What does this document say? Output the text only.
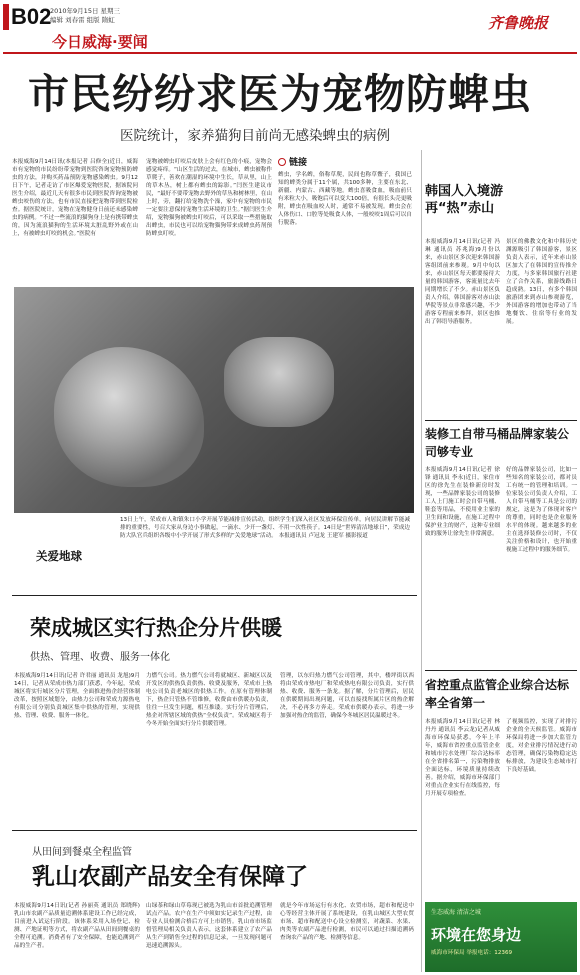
B02
2010年9月15日 星期三
编辑 刘春雷 组版 隋虹
今日威海·要闻
齐鲁晚报
市民纷纷求医为宠物防蜱虫
医院统计，家养猫狗目前尚无感染蜱虫的病例
本报威海9月14日讯(本报记者 吕修全)近日，威海市有宠物的市民纷纷带宠物到医院咨询宠物预防蜱虫的方法，并购买药品预防宠物感染蜱虫。9月12日下午，记者走访了市区爆爱宠物医院，据该院问医生介绍，最近几天有很多市民到医院咨询宠物被蜱虫咬伤的方法，也有市民直接把宠物带到医院检查。据医院统计，宠物在宠物健身日前还未感染蜱虫的病例。“不过一些流浪的猫狗身上是有携带蜱虫的，因为流浪猫狗的生活环境太脏乱野外或在山上，有被蜱虫叮咬的机会。”医院有
宠物被蜱虫叮咬后皮肤上会有红色的小痕，宠物会感觉疼痒。“山区生活的过去，在城市，蜱虫被称作草爬子，善欢在潮湿的环境中生长，草从里，山上的草木丛，树上都有蜱虫的踪影。”闫医生建议市民，“最好不要带宠物去野外的草丛和树林里，在山上时，旁，翻打给宠物洗个澡，家中有宠物的市民一定要注意保持宠物生活环境的卫生。”据闫医生介绍，宠物猫狗被蜱虫叮咬后，可以采取一些措施取出蜱虫，市民也可以给宠物猫狗带来成蜱虫药剂预防蜱虫叮咬。
链接
蜱虫，学名蜱，俗称草爬，民间也称草鳖子，我国已知的蜱类分属于11个属，共100多种，主要在东北、新疆、内蒙古、西藏等地。蜱虫喜吸食血，吸血前只有米粒大小，吸饱后可以变大100倍，有很长头壳更吸附，蜱虫在吸血咬人时，通常不易被发现。蜱虫会在人体伤口、口腔等处吸食人体，一般咬咬1周后可以自行脱落。
关爱地球
13日上午，荣成市人和镇朱口小学开展节能减排宣传活动，组织学生们深入社区发放环保宣传单，向居民讲解节能减排的重要性，号召大家从身边小事做起，一滴水、少开一盏灯、不用一次性筷子。14日是“世界清洁地球日”，荣成边防大队官兵组织各级中小学开展了形式多样的“关爱地球”活动。 本报通讯员 卢冠龙 王建军 摄影报道
荣成城区实行热企分片供暖
供热、管理、收费、服务一体化
本报威海9月14日讯(记者 许君丽 通讯员 龙旭)9月14日，记者从荣成市热力部门获悉，今年起，荣成城区将实行城区分片管理，全面推进热企经营体制改革，按照区域划分，由热力公司和荣成力源热电有限公司分别负责城区集中供热的管理，实现供热、管理、收费、服务一体化。
力燃气公司。热力燃气公司将就城区、新城区以及开发区的供热负责供热、收费及服务，荣成市上热电公司负责老城区的供热工作。在原有管理体制下，热企只管热不管维修，收费由市供暖办负责，往往一旦发生问题，相互推诿。实行分片管理后，热企对所辖区域的供热“全权负责”。荣成城区将于今冬开始全面实行分片供暖管理。
管理，以东归热力燃气公司管理，其中，楼坪街以西将由荣成市热电厂和荣成热电有限公司负责，实行供热、收费、服务一条龙。据了解，分片管理后，居民在供暖期间出现问题，可以直接找所属片区的热企解决，不必再多方奔走。荣成市供暖办表示，将进一步加强对热企的监管，确保今冬城区居民温暖过冬。
从田间到餐桌全程监管
乳山农副产品安全有保障了
本报威海9月14日讯(记者 孙丽英 通讯员 郑晓辉)乳山市农副产品质量追溯体系建设工作已经完成，目前进入试运行阶段。该体系采用入场登记、检测、产地证明等方式，将农副产品从田间到餐桌的全程可追溯。消费者有了安全保障，也能追溯到产品的生产者。
山绿茶和绿山草莓现已被选为乳山市首批追溯管理试点产品。农户在生产中须如实记录生产过程，由专业人员检测合格后方可上市销售。乳山市市场监督管理局相关负责人表示，这套体系建立了农产品从生产到销售全过程的信息记录，一旦发现问题可迅速追溯源头。
就是今年市场运行有水化、农贸市场，超市和配送中心等经营主体开展了系统建设，在乳山城区大型农贸市场、超市和配送中心设立检测室，对蔬菜、水果、肉类等农副产品进行检测，市民可以通过扫描追溯码查询农产品的产地、检测等信息。
韩国人入境游再“热”赤山
本报威海9月14日讯(记者 冯琳 通讯员 苏兆海)9月份以来，赤山景区多次迎来韩国游客组团前来参观。9月中旬以来，赤山景区每天都要接待大量的韩国游客，客流量比去年同期增长了不少。赤山景区负责人介绍，韩国游客对赤山法华院等景点非常感兴趣，不少游客专程前来参拜，景区也推出了韩语导游服务。
景区的佛教文化和中韩历史渊源吸引了韩国游客，景区负责人表示，近年来赤山景区加大了在韩国的宣传推介力度，与多家韩国旅行社建立了合作关系，旅游线路日趋成熟。13日，有多个韩国旅游团来到赤山参观游览，外国游客的增加也带动了当地餐饮、住宿等行业的发展。
装修工自带马桶品牌家装公司够专业
本报威海9月14日讯(记者 徐锋 通讯员 李永)近日，家住市区的徐先生在装修新房时发现，一些品牌家装公司的装修工人上门施工时会自带马桶、鞋套等用品，不使用业主家的卫生间和设施，在施工过程中保护业主的财产，这种专业细致的服务让徐先生非常满意。
好的品牌家装公司，比如一些知名的家装公司，都对员工有统一的管理和培训。一位家装公司负责人介绍，工人自带马桶等工具是公司的规定，这是为了体现对客户的尊重，同时也是企业服务水平的体现。越来越多的业主在选择装修公司时，不仅关注价格和设计，也开始重视施工过程中的服务细节。
省控重点监管企业综合达标率全省第一
本报威海9月14日讯(记者 林丹丹 通讯员 李云龙)记者从威海市环保局获悉，今年上半年，威海市省控重点监管企业和城市污水处理厂综合达标率在全省排名第一，污染物排放全面达标，环境质量持续改善。据介绍，威海市环保部门对重点企业实行在线监控，每月开展专项检查。
了视频监控，实现了对排污企业的全天候监管。威海市环保局将进一步加大监管力度，对企业排污情况进行动态管理，确保污染物稳定达标排放，为建设生态城市打下良好基础。
生态威海 清洁之城
环境在您身边
威海市环保局 举报电话：12369
